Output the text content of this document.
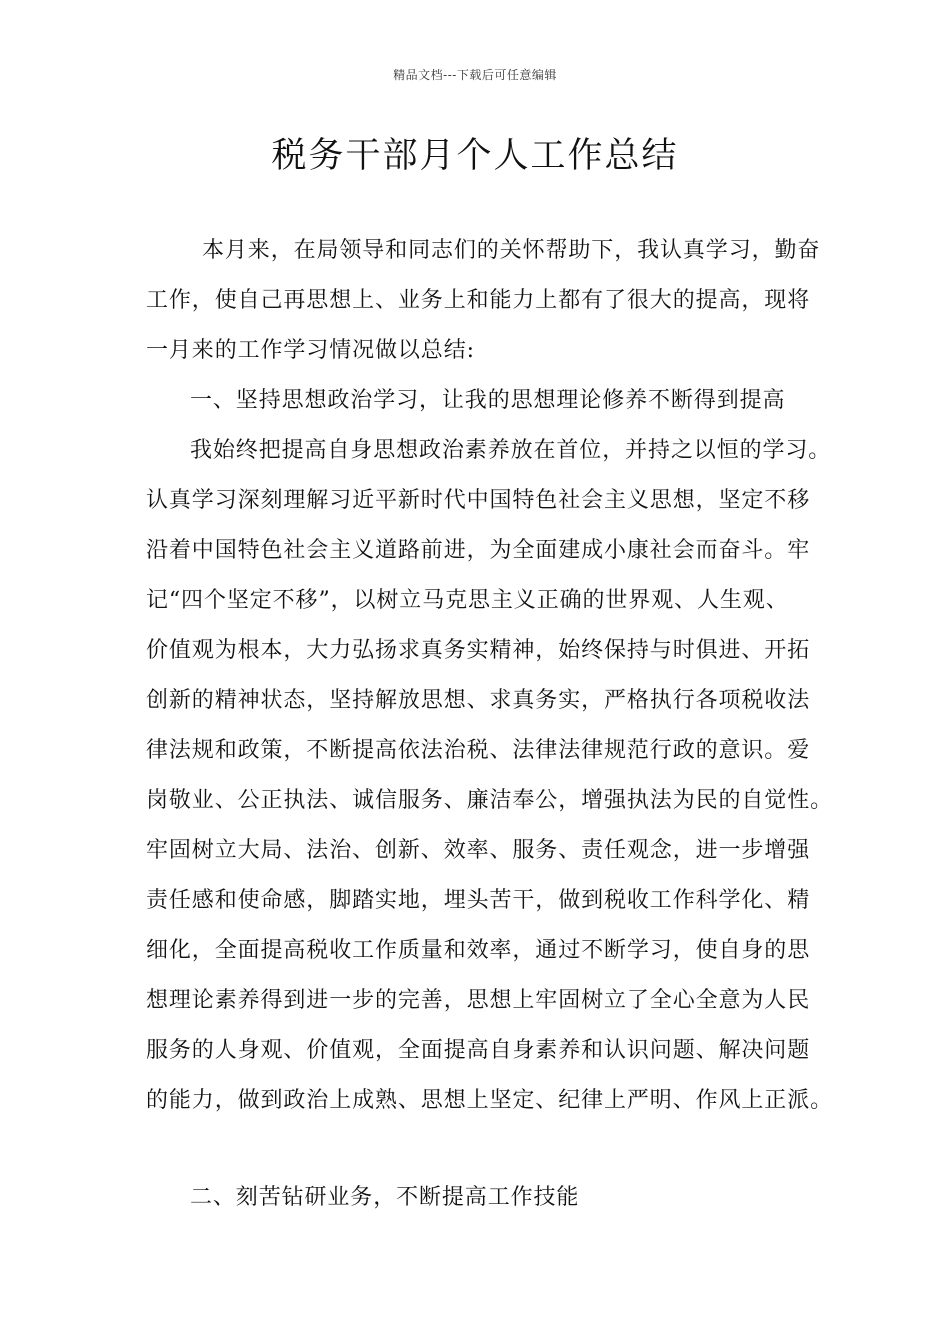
精品文档---下载后可任意编辑
税务干部月个人工作总结
本月来，在局领导和同志们的关怀帮助下，我认真学习，勤奋
工作，使自己再思想上、业务上和能力上都有了很大的提高，现将
一月来的工作学习情况做以总结:
一、坚持思想政治学习，让我的思想理论修养不断得到提高
我始终把提高自身思想政治素养放在首位，并持之以恒的学习。
认真学习深刻理解习近平新时代中国特色社会主义思想，坚定不移
沿着中国特色社会主义道路前进，为全面建成小康社会而奋斗。牢
记“四个坚定不移”，以树立马克思主义正确的世界观、人生观、
价值观为根本，大力弘扬求真务实精神，始终保持与时俱进、开拓
创新的精神状态，坚持解放思想、求真务实，严格执行各项税收法
律法规和政策，不断提高依法治税、法律法律规范行政的意识。爱
岗敬业、公正执法、诚信服务、廉洁奉公，增强执法为民的自觉性。
牢固树立大局、法治、创新、效率、服务、责任观念，进一步增强
责任感和使命感，脚踏实地，埋头苦干，做到税收工作科学化、精
细化，全面提高税收工作质量和效率，通过不断学习，使自身的思
想理论素养得到进一步的完善，思想上牢固树立了全心全意为人民
服务的人身观、价值观，全面提高自身素养和认识问题、解决问题
的能力，做到政治上成熟、思想上坚定、纪律上严明、作风上正派。
二、刻苦钻研业务，不断提高工作技能
